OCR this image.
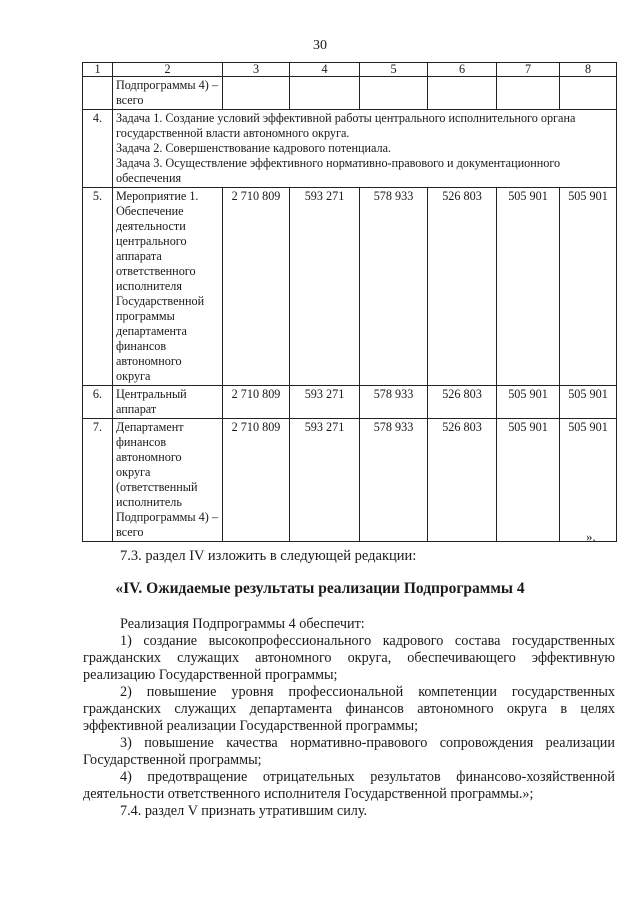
30
1	2	3	4	5	6	7	8
	Подпрограммы 4) – всего						
4.	Задача 1. Создание условий эффективной работы центрального исполнительного органа государственной власти автономного округа.
Задача 2. Совершенствование кадрового потенциала.
Задача 3. Осуществление эффективного нормативно-правового и документационного обеспечения						

5.	Мероприятие 1. Обеспечение деятельности центрального аппарата ответственного исполнителя Государственной программы департамента финансов автономного округа	2 710 809	593 271	578 933	526 803	505 901	505 901
6.	Центральный аппарат	2 710 809	593 271	578 933	526 803	505 901	505 901
7.	Департамент финансов автономного округа (ответственный исполнитель Подпрограммы 4) – всего	2 710 809	593 271	578 933	526 803	505 901	505 901
».
7.3. раздел IV изложить в следующей редакции:
«IV. Ожидаемые результаты реализации Подпрограммы 4

Реализация Подпрограммы 4 обеспечит:

1) создание высокопрофессионального кадрового состава государственных гражданских служащих автономного округа, обеспечивающего эффективную реализацию Государственной программы;

2) повышение уровня профессиональной компетенции государственных гражданских служащих департамента финансов автономного округа в целях эффективной реализации Государственной программы;

3) повышение качества нормативно-правового сопровождения реализации Государственной программы;

4) предотвращение отрицательных результатов финансово-хозяйственной деятельности ответственного исполнителя Государственной программы.»;

7.4. раздел V признать утратившим силу.
